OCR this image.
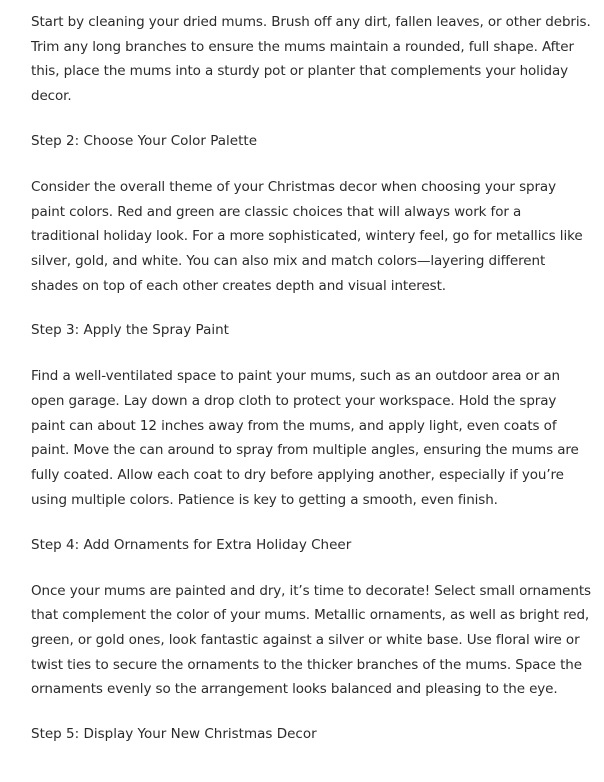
Start by cleaning your dried mums. Brush off any dirt, fallen leaves, or other debris. Trim any long branches to ensure the mums maintain a rounded, full shape. After this, place the mums into a sturdy pot or planter that complements your holiday decor.

Step 2: Choose Your Color Palette

Consider the overall theme of your Christmas decor when choosing your spray paint colors. Red and green are classic choices that will always work for a traditional holiday look. For a more sophisticated, wintery feel, go for metallics like silver, gold, and white. You can also mix and match colors—layering different shades on top of each other creates depth and visual interest.

Step 3: Apply the Spray Paint

Find a well-ventilated space to paint your mums, such as an outdoor area or an open garage. Lay down a drop cloth to protect your workspace. Hold the spray paint can about 12 inches away from the mums, and apply light, even coats of paint. Move the can around to spray from multiple angles, ensuring the mums are fully coated. Allow each coat to dry before applying another, especially if you’re using multiple colors. Patience is key to getting a smooth, even finish.

Step 4: Add Ornaments for Extra Holiday Cheer

Once your mums are painted and dry, it’s time to decorate! Select small ornaments that complement the color of your mums. Metallic ornaments, as well as bright red, green, or gold ones, look fantastic against a silver or white base. Use floral wire or twist ties to secure the ornaments to the thicker branches of the mums. Space the ornaments evenly so the arrangement looks balanced and pleasing to the eye.

Step 5: Display Your New Christmas Decor
